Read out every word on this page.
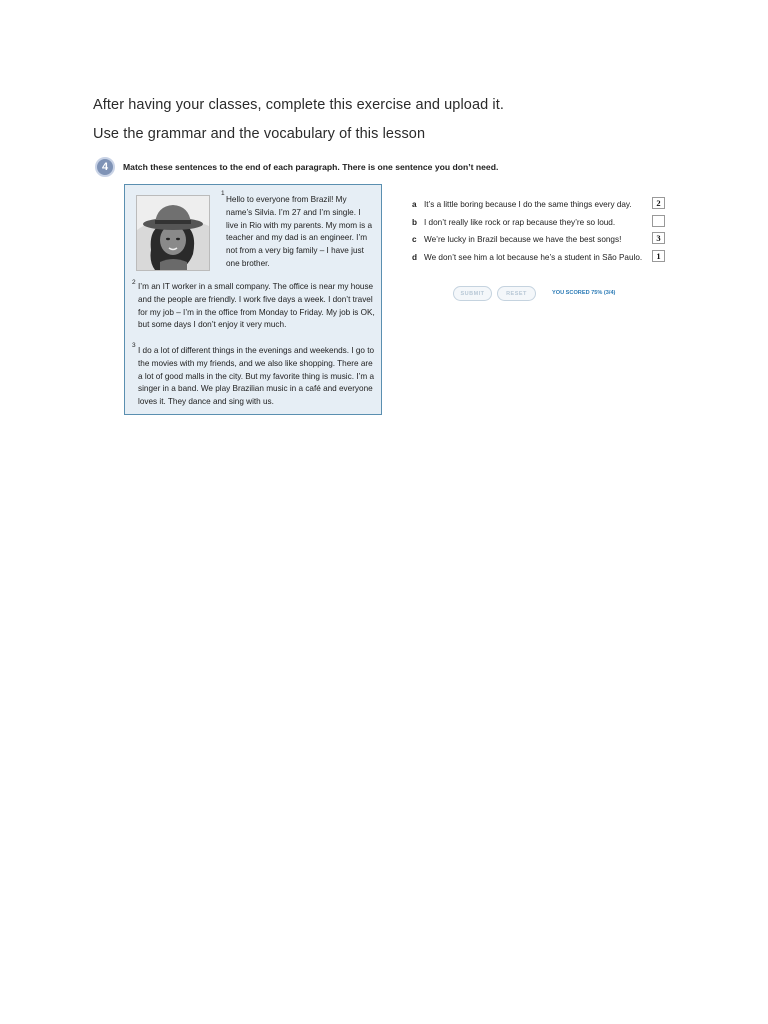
After having your classes, complete this exercise and upload it.
Use the grammar and the vocabulary of this lesson
4	Match these sentences to the end of each paragraph. There is one sentence you don’t need.
1
Hello to everyone from Brazil! My name’s Silvia. I’m 27 and I’m single. I live in Rio with my parents. My mom is a teacher and my dad is an engineer. I’m not from a very big family – I have just one brother.
2 I’m an IT worker in a small company. The office is near my house and the people are friendly. I work five days a week. I don’t travel for my job – I’m in the office from Monday to Friday. My job is OK, but some days I don’t enjoy it very much.
3
I do a lot of different things in the evenings and weekends. I go to the movies with my friends, and we also like shopping. There are a lot of good malls in the city. But my favorite thing is music. I’m a singer in a band. We play Brazilian music in a café and everyone loves it. They dance and sing with us.
a It’s a little boring because I do the same things every day.	2
b I don’t really like rock or rap because they’re so loud.
c We’re lucky in Brazil because we have the best songs!	3
d We don’t see him a lot because he’s a student in São Paulo.	1
SUBMIT	RESET	YOU SCORED 75% (3/4)
